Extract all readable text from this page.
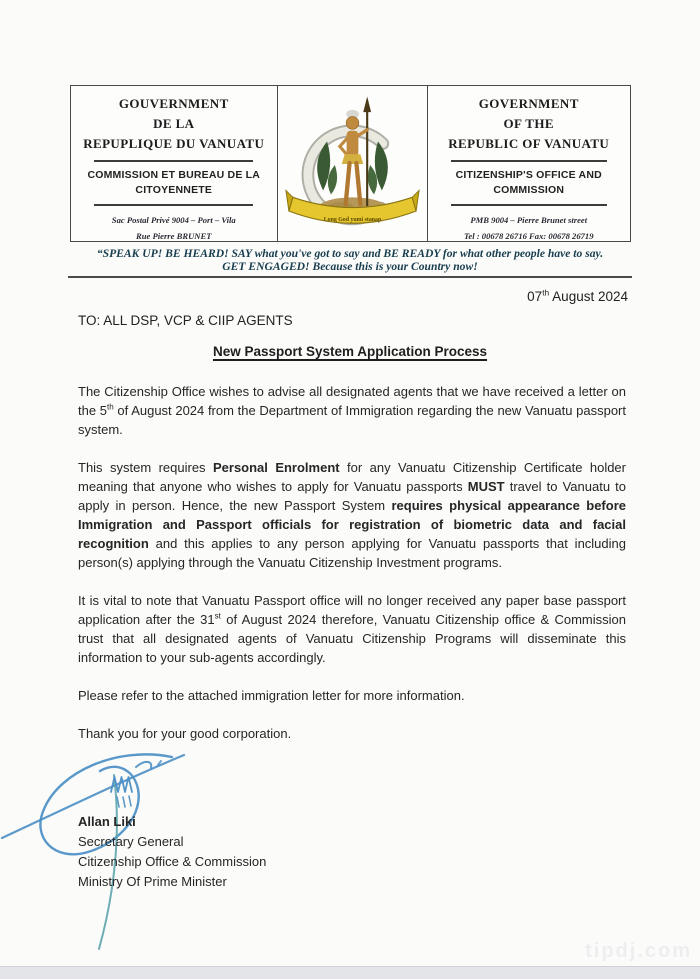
GOUVERNMENT
DE LA
REPUPLIQUE DU VANUATU
COMMISSION ET BUREAU DE LA
CITOYENNETE
Sac Postal Privé 9004 – Port – Vila
Rue Pierre BRUNET
Long God yumi stanap
GOVERNMENT
OF THE
REPUBLIC OF VANUATU
CITIZENSHIP'S OFFICE AND
COMMISSION
PMB 9004 – Pierre Brunet street
Tel : 00678 26716 Fax: 00678 26719
“SPEAK UP! BE HEARD! SAY what you've got to say and BE READY for what other people have to say.
GET ENGAGED! Because this is your Country now!
07th August 2024
TO: ALL DSP, VCP & CIIP AGENTS
New Passport System Application Process

The Citizenship Office wishes to advise all designated agents that we have received a letter on the 5th of August 2024 from the Department of Immigration regarding the new Vanuatu passport system.

This system requires Personal Enrolment for any Vanuatu Citizenship Certificate holder meaning that anyone who wishes to apply for Vanuatu passports MUST travel to Vanuatu to apply in person. Hence, the new Passport System requires physical appearance before Immigration and Passport officials for registration of biometric data and facial recognition and this applies to any person applying for Vanuatu passports that including person(s) applying through the Vanuatu Citizenship Investment programs.

It is vital to note that Vanuatu Passport office will no longer received any paper base passport application after the 31st of August 2024 therefore, Vanuatu Citizenship office & Commission trust that all designated agents of Vanuatu Citizenship Programs will disseminate this information to your sub-agents accordingly.

Please refer to the attached immigration letter for more information.

Thank you for your good corporation.

Allan Liki
Secretary General
Citizenship Office & Commission
Ministry Of Prime Minister
tipdj.com
